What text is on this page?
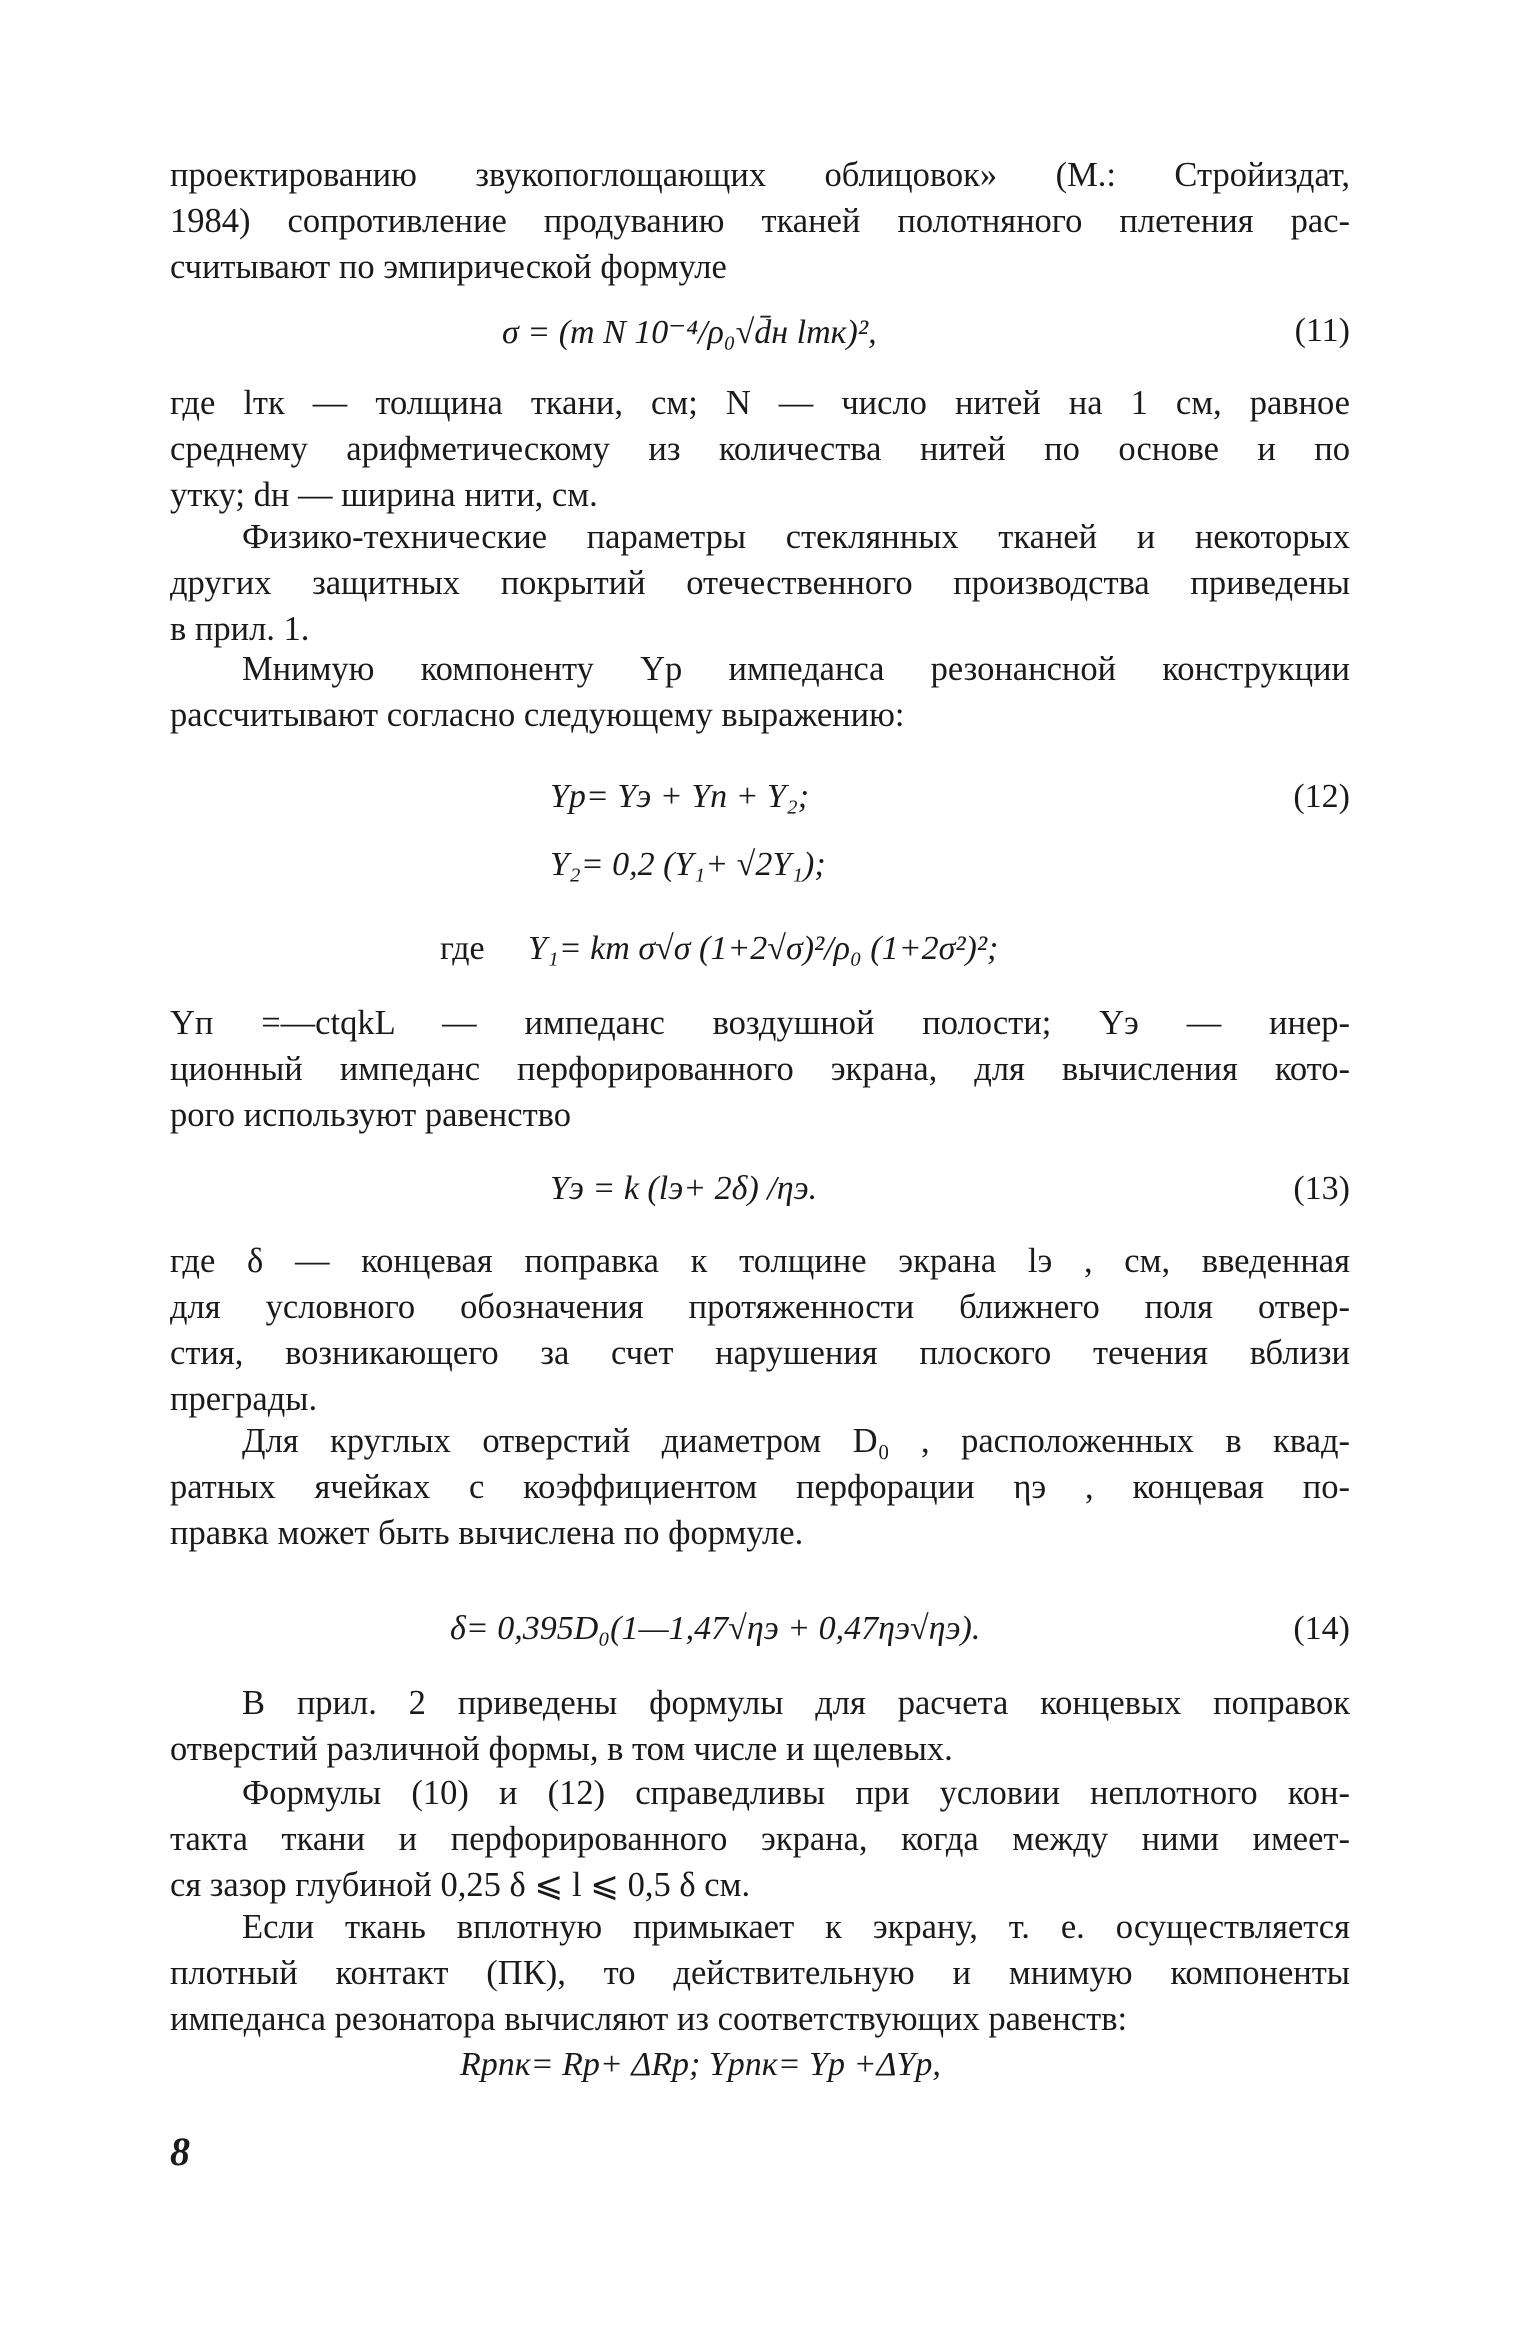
проектированию звукопоглощающих облицовок» (М.: Стройиздат,
1984) сопротивление продуванию тканей полотняного плетения рас-
считывают по эмпирической формуле

σ = (m N 10⁻⁴/ρ₀√d̄н lтк)²,	(11)

где lтк — толщина ткани, см; N — число нитей на 1 см, равное
среднему арифметическому из количества нитей по основе и по
утку; dн — ширина нити, см.

Физико-технические параметры стеклянных тканей и некоторых
других защитных покрытий отечественного производства приведены
в прил. 1.

Мнимую компоненту Yр импеданса резонансной конструкции
рассчитывают согласно следующему выражению:

Yр= Yэ + Yп + Y₂;	(12)
Y₂= 0,2 (Y₁+ √2Y₁);
где Y₁= km σ√σ (1+2√σ)²/ρ₀ (1+2σ²)²;

Yп =—ctqkL — импеданс воздушной полости; Yэ — инер-
ционный импеданс перфорированного экрана, для вычисления кото-
рого используют равенство

Yэ = k (lэ+ 2δ) /ηэ.	(13)

где δ — концевая поправка к толщине экрана lэ , см, введенная
для условного обозначения протяженности ближнего поля отвер-
стия, возникающего за счет нарушения плоского течения вблизи
преграды.

Для круглых отверстий диаметром D₀ , расположенных в квад-
ратных ячейках с коэффициентом перфорации ηэ , концевая по-
правка может быть вычислена по формуле.

δ= 0,395D₀(1—1,47√ηэ + 0,47ηэ√ηэ).	(14)

В прил. 2 приведены формулы для расчета концевых поправок
отверстий различной формы, в том числе и щелевых.

Формулы (10) и (12) справедливы при условии неплотного кон-
такта ткани и перфорированного экрана, когда между ними имеет-
ся зазор глубиной 0,25 δ ⩽ l ⩽ 0,5 δ см.

Если ткань вплотную примыкает к экрану, т. е. осуществляется
плотный контакт (ПК), то действительную и мнимую компоненты
импеданса резонатора вычисляют из соответствующих равенств:

Rрпк= Rр+ ΔRр; Yрпк= Yр +ΔYр,
8
